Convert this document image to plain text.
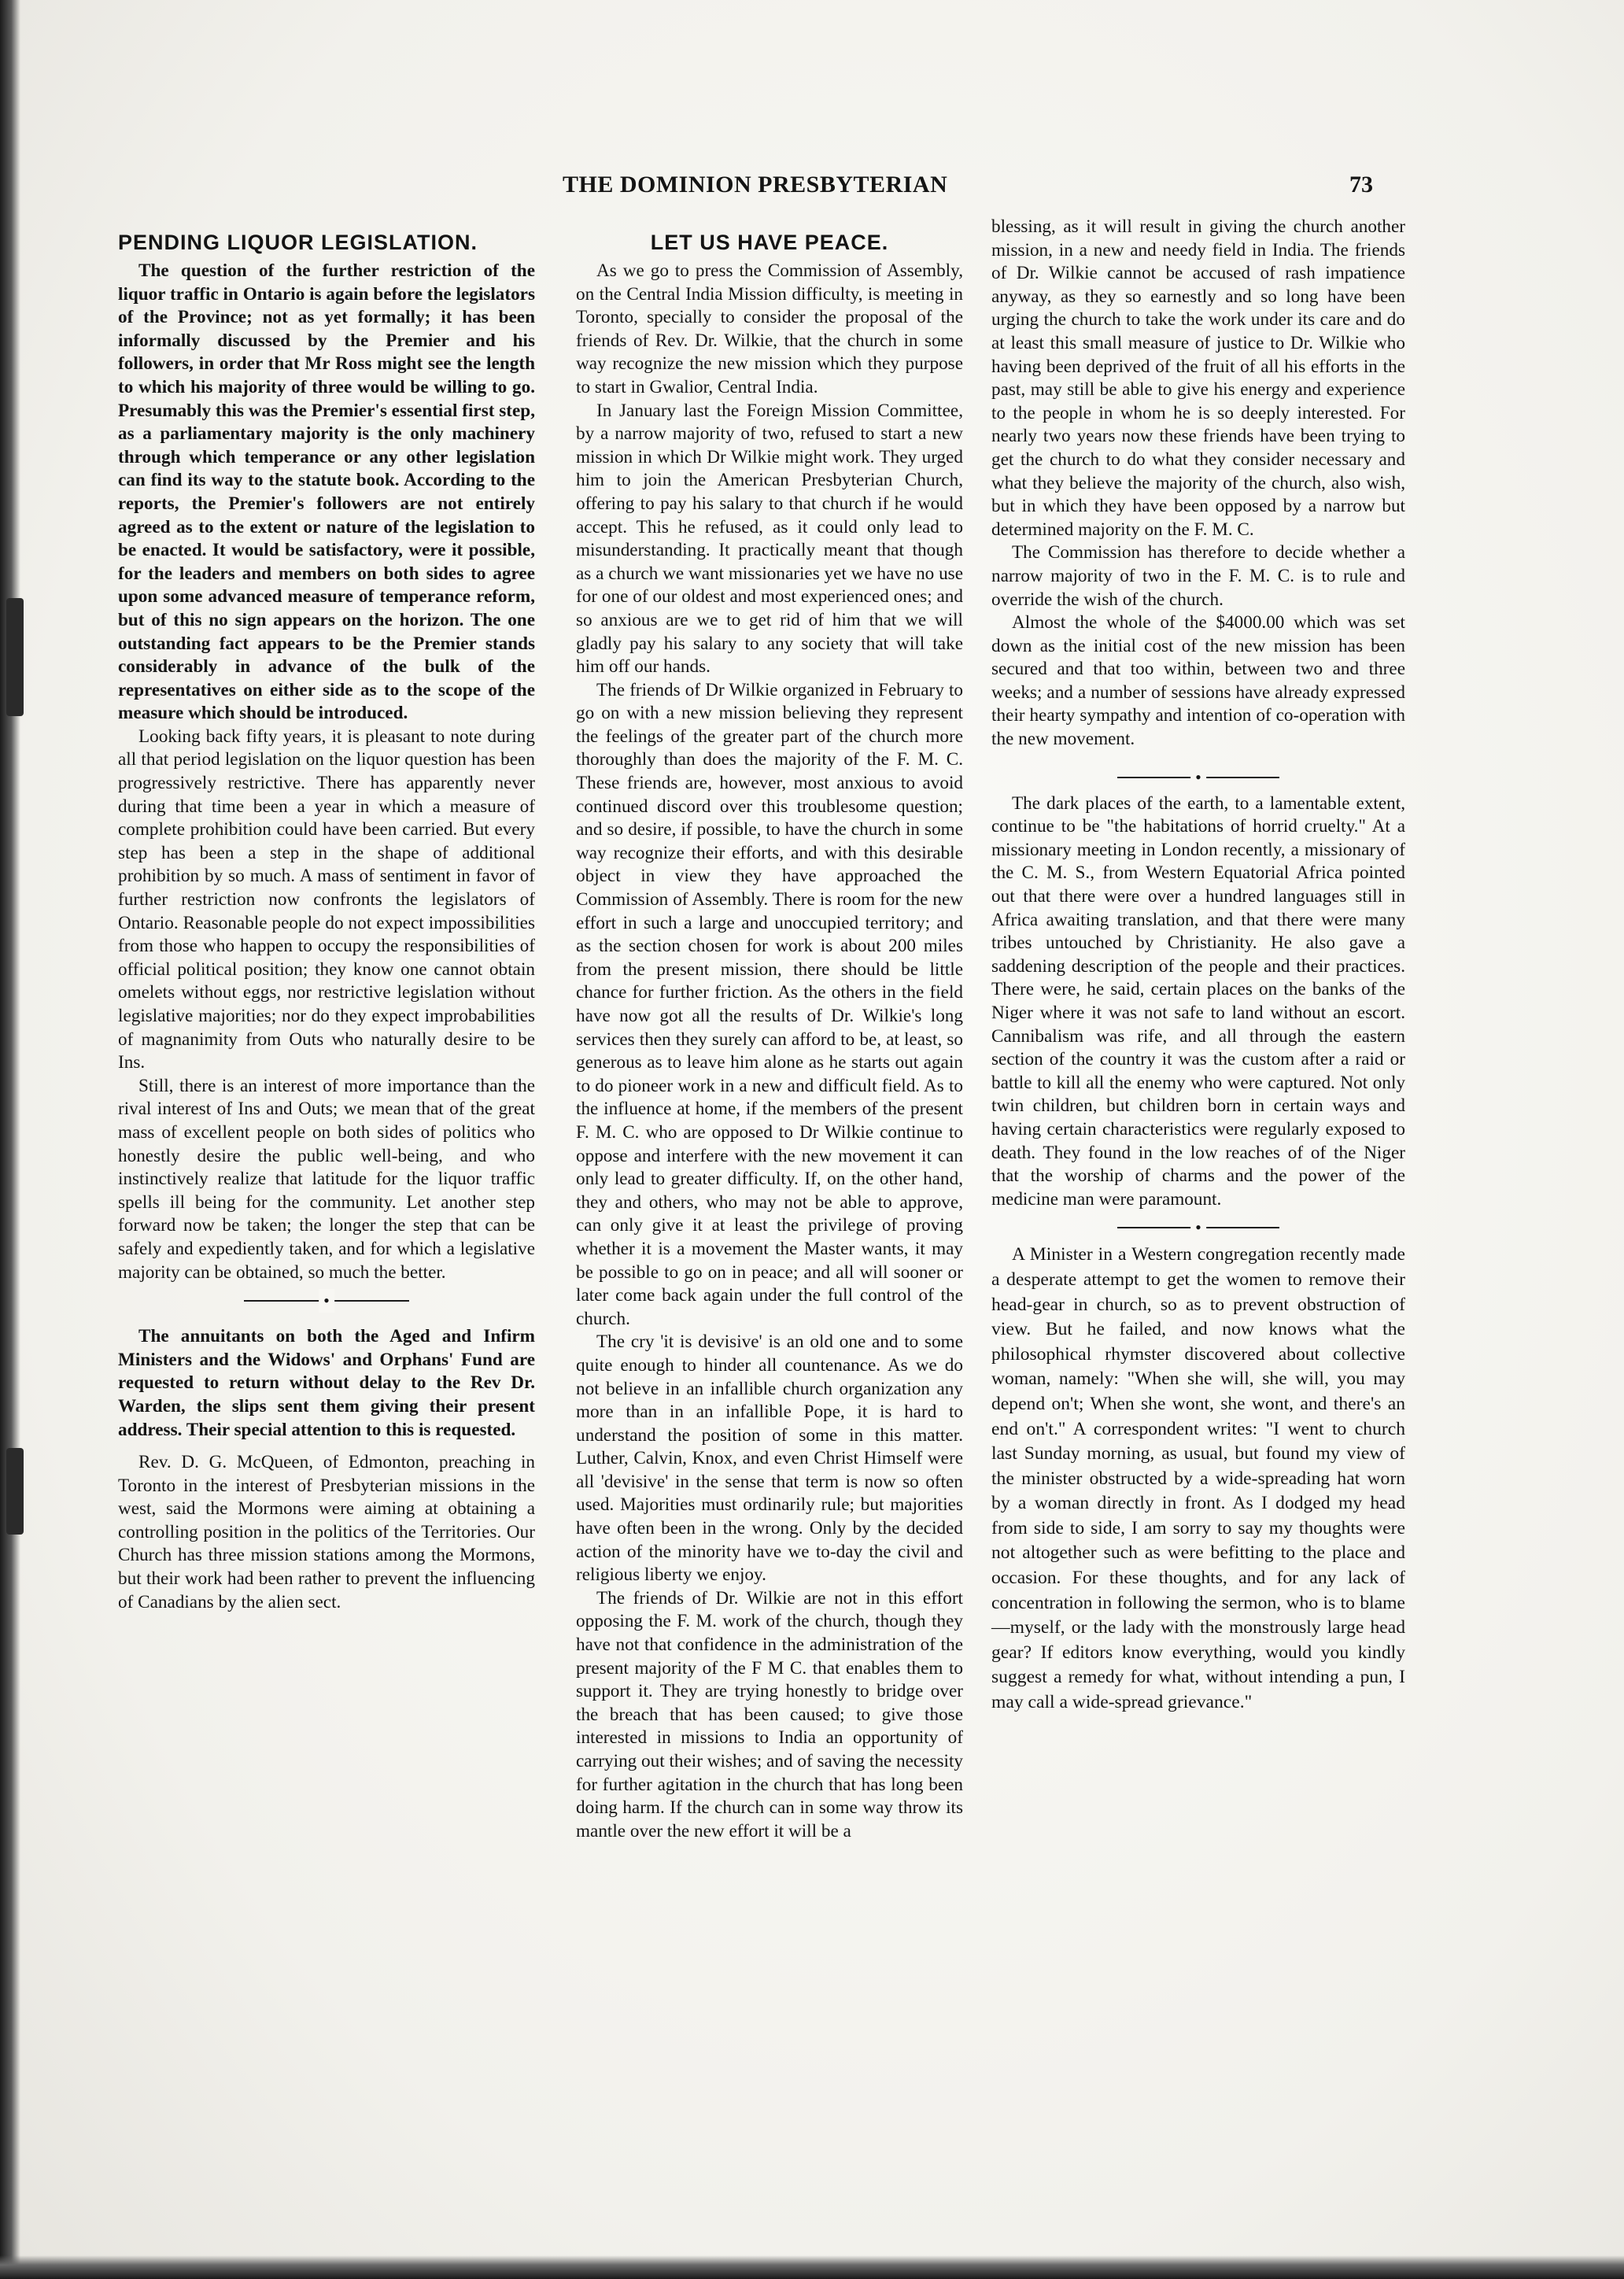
THE DOMINION PRESBYTERIAN	73
PENDING LIQUOR LEGISLATION.

The question of the further restriction of the liquor traffic in Ontario is again before the legislators of the Province; not as yet formally; it has been informally discussed by the Premier and his followers, in order that Mr Ross might see the length to which his majority of three would be willing to go. Presumably this was the Premier's essential first step, as a parliamentary majority is the only machinery through which temperance or any other legislation can find its way to the statute book. According to the reports, the Premier's followers are not entirely agreed as to the extent or nature of the legislation to be enacted. It would be satisfactory, were it possible, for the leaders and members on both sides to agree upon some advanced measure of temperance reform, but of this no sign appears on the horizon. The one outstanding fact appears to be the Premier stands considerably in advance of the bulk of the representatives on either side as to the scope of the measure which should be introduced.

Looking back fifty years, it is pleasant to note during all that period legislation on the liquor question has been progressively restrictive. There has apparently never during that time been a year in which a measure of complete prohibition could have been carried. But every step has been a step in the shape of additional prohibition by so much. A mass of sentiment in favor of further restriction now confronts the legislators of Ontario. Reasonable people do not expect impossibilities from those who happen to occupy the responsibilities of official political position; they know one cannot obtain omelets without eggs, nor restrictive legislation without legislative majorities; nor do they expect improbabilities of magnanimity from Outs who naturally desire to be Ins.

Still, there is an interest of more importance than the rival interest of Ins and Outs; we mean that of the great mass of excellent people on both sides of politics who honestly desire the public well-being, and who instinctively realize that latitude for the liquor traffic spells ill being for the community. Let another step forward now be taken; the longer the step that can be safely and expediently taken, and for which a legislative majority can be obtained, so much the better.

•

The annuitants on both the Aged and Infirm Ministers and the Widows' and Orphans' Fund are requested to return without delay to the Rev Dr. Warden, the slips sent them giving their present address. Their special attention to this is requested.

Rev. D. G. McQueen, of Edmonton, preaching in Toronto in the interest of Presbyterian missions in the west, said the Mormons were aiming at obtaining a controlling position in the politics of the Territories. Our Church has three mission stations among the Mormons, but their work had been rather to prevent the influencing of Canadians by the alien sect.

LET US HAVE PEACE.

As we go to press the Commission of Assembly, on the Central India Mission difficulty, is meeting in Toronto, specially to consider the proposal of the friends of Rev. Dr. Wilkie, that the church in some way recognize the new mission which they purpose to start in Gwalior, Central India.

In January last the Foreign Mission Committee, by a narrow majority of two, refused to start a new mission in which Dr Wilkie might work. They urged him to join the American Presbyterian Church, offering to pay his salary to that church if he would accept. This he refused, as it could only lead to misunderstanding. It practically meant that though as a church we want missionaries yet we have no use for one of our oldest and most experienced ones; and so anxious are we to get rid of him that we will gladly pay his salary to any society that will take him off our hands.

The friends of Dr Wilkie organized in February to go on with a new mission believing they represent the feelings of the greater part of the church more thoroughly than does the majority of the F. M. C. These friends are, however, most anxious to avoid continued discord over this troublesome question; and so desire, if possible, to have the church in some way recognize their efforts, and with this desirable object in view they have approached the Commission of Assembly. There is room for the new effort in such a large and unoccupied territory; and as the section chosen for work is about 200 miles from the present mission, there should be little chance for further friction. As the others in the field have now got all the results of Dr. Wilkie's long services then they surely can afford to be, at least, so generous as to leave him alone as he starts out again to do pioneer work in a new and difficult field. As to the influence at home, if the members of the present F. M. C. who are opposed to Dr Wilkie continue to oppose and interfere with the new movement it can only lead to greater difficulty. If, on the other hand, they and others, who may not be able to approve, can only give it at least the privilege of proving whether it is a movement the Master wants, it may be possible to go on in peace; and all will sooner or later come back again under the full control of the church.

The cry 'it is devisive' is an old one and to some quite enough to hinder all countenance. As we do not believe in an infallible church organization any more than in an infallible Pope, it is hard to understand the position of some in this matter. Luther, Calvin, Knox, and even Christ Himself were all 'devisive' in the sense that term is now so often used. Majorities must ordinarily rule; but majorities have often been in the wrong. Only by the decided action of the minority have we to-day the civil and religious liberty we enjoy.

The friends of Dr. Wilkie are not in this effort opposing the F. M. work of the church, though they have not that confidence in the administration of the present majority of the F M C. that enables them to support it. They are trying honestly to bridge over the breach that has been caused; to give those interested in missions to India an opportunity of carrying out their wishes; and of saving the necessity for further agitation in the church that has long been doing harm. If the church can in some way throw its mantle over the new effort it will be a

blessing, as it will result in giving the church another mission, in a new and needy field in India. The friends of Dr. Wilkie cannot be accused of rash impatience anyway, as they so earnestly and so long have been urging the church to take the work under its care and do at least this small measure of justice to Dr. Wilkie who having been deprived of the fruit of all his efforts in the past, may still be able to give his energy and experience to the people in whom he is so deeply interested. For nearly two years now these friends have been trying to get the church to do what they consider necessary and what they believe the majority of the church, also wish, but in which they have been opposed by a narrow but determined majority on the F. M. C.

The Commission has therefore to decide whether a narrow majority of two in the F. M. C. is to rule and override the wish of the church.

Almost the whole of the $4000.00 which was set down as the initial cost of the new mission has been secured and that too within, between two and three weeks; and a number of sessions have already expressed their hearty sympathy and intention of co-operation with the new movement.

•

The dark places of the earth, to a lamentable extent, continue to be "the habitations of horrid cruelty." At a missionary meeting in London recently, a missionary of the C. M. S., from Western Equatorial Africa pointed out that there were over a hundred languages still in Africa awaiting translation, and that there were many tribes untouched by Christianity. He also gave a saddening description of the people and their practices. There were, he said, certain places on the banks of the Niger where it was not safe to land without an escort. Cannibalism was rife, and all through the eastern section of the country it was the custom after a raid or battle to kill all the enemy who were captured. Not only twin children, but children born in certain ways and having certain characteristics were regularly exposed to death. They found in the low reaches of of the Niger that the worship of charms and the power of the medicine man were paramount.

•

A Minister in a Western congregation recently made a desperate attempt to get the women to remove their head-gear in church, so as to prevent obstruction of view. But he failed, and now knows what the philosophical rhymster discovered about collective woman, namely: "When she will, she will, you may depend on't; When she wont, she wont, and there's an end on't." A correspondent writes: "I went to church last Sunday morning, as usual, but found my view of the minister obstructed by a wide-spreading hat worn by a woman directly in front. As I dodged my head from side to side, I am sorry to say my thoughts were not altogether such as were befitting to the place and occasion. For these thoughts, and for any lack of concentration in following the sermon, who is to blame—myself, or the lady with the monstrously large head gear? If editors know everything, would you kindly suggest a remedy for what, without intending a pun, I may call a wide-spread grievance."
